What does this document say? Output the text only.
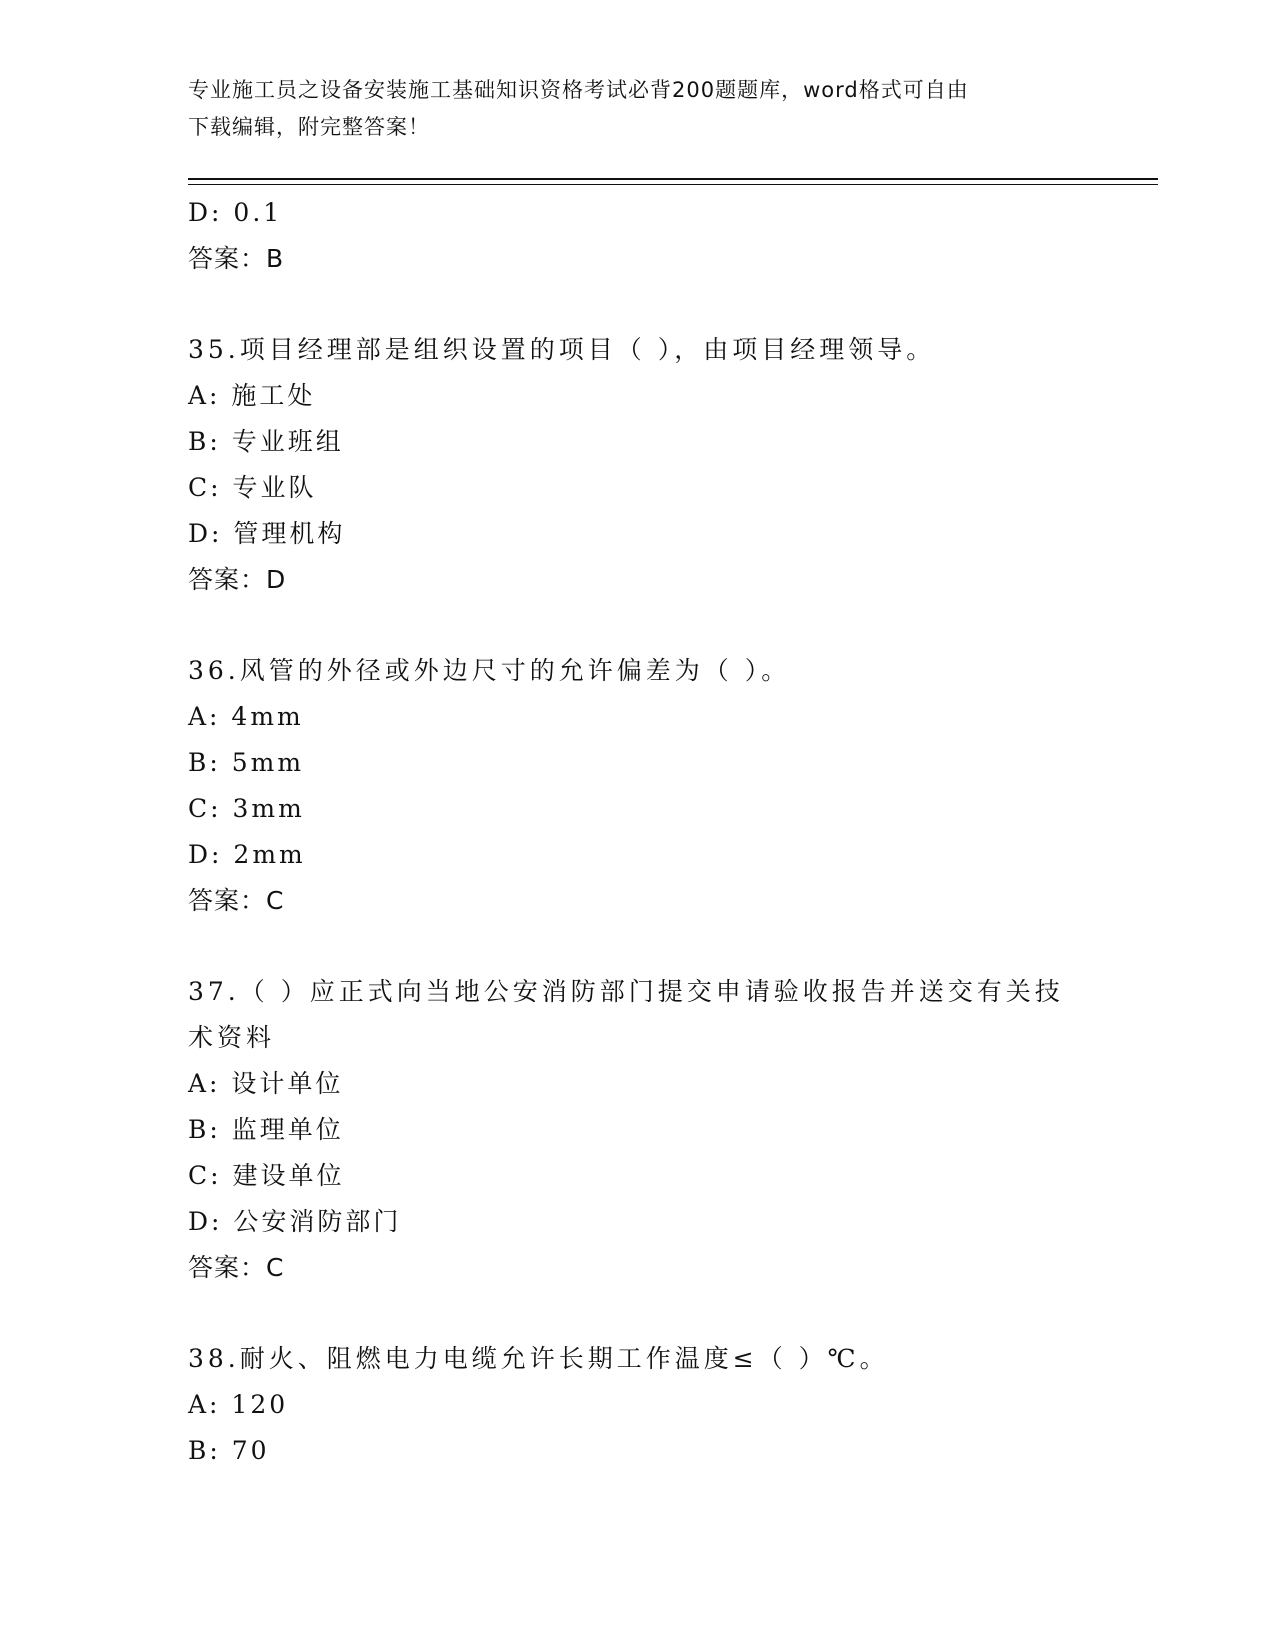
专业施工员之设备安装施工基础知识资格考试必背200题题库，word格式可自由
下载编辑，附完整答案！
D: 0.1
答案：B
35.项目经理部是组织设置的项目（ ），由项目经理领导。
A: 施工处
B: 专业班组
C: 专业队
D: 管理机构
答案：D
36.风管的外径或外边尺寸的允许偏差为（ ）。
A: 4mm
B: 5mm
C: 3mm
D: 2mm
答案：C
37.（ ）应正式向当地公安消防部门提交申请验收报告并送交有关技
术资料
A: 设计单位
B: 监理单位
C: 建设单位
D: 公安消防部门
答案：C
38.耐火、阻燃电力电缆允许长期工作温度≤（ ）℃。
A: 120
B: 70
